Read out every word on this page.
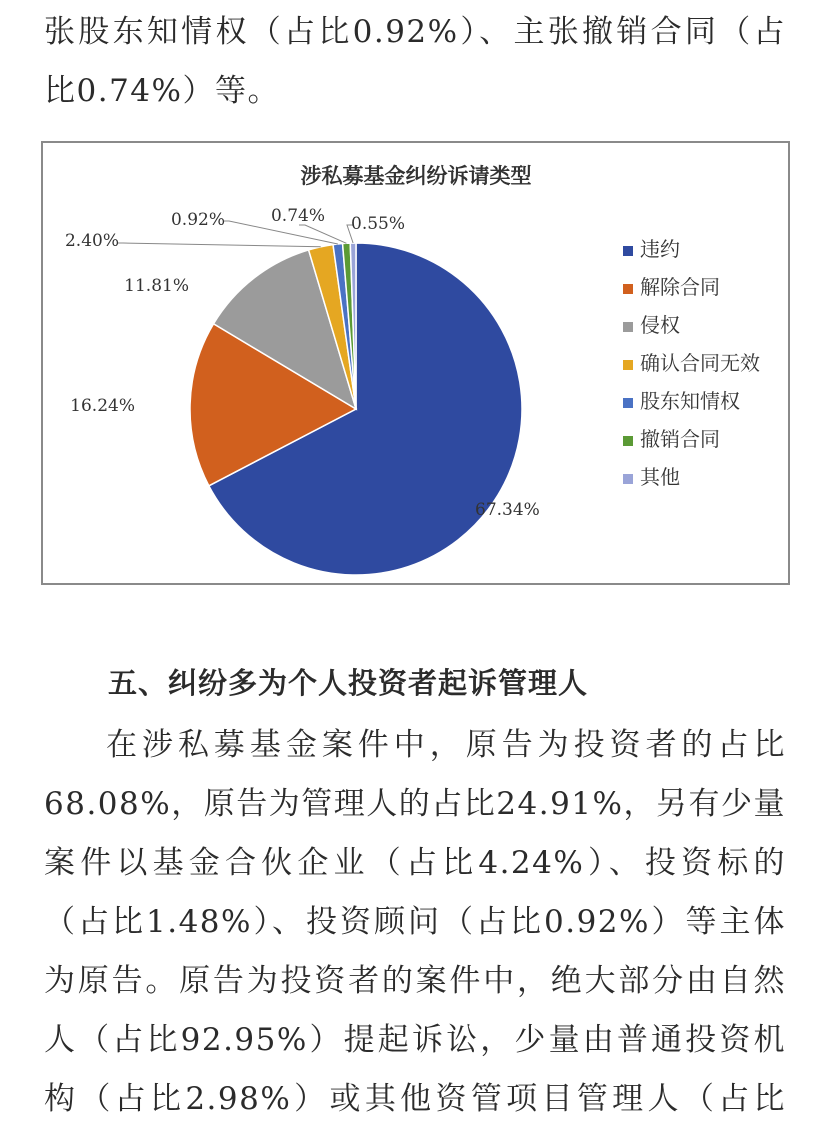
张股东知情权（占比0.92%）、主张撤销合同（占
比0.74%）等。
涉私募基金纠纷诉请类型
67.34%
16.24%
11.81%
2.40%
0.92%	0.74% 0.55%
违约
解除合同
侵权
确认合同无效
股东知情权
撤销合同
其他
五、纠纷多为个人投资者起诉管理人
在涉私募基金案件中，原告为投资者的占比
68.08%，原告为管理人的占比24.91%，另有少量
案件以基金合伙企业（占比4.24%）、投资标的
（占比1.48%）、投资顾问（占比0.92%）等主体
为原告。原告为投资者的案件中，绝大部分由自然
人（占比92.95%）提起诉讼，少量由普通投资机
构（占比2.98%）或其他资管项目管理人（占比
